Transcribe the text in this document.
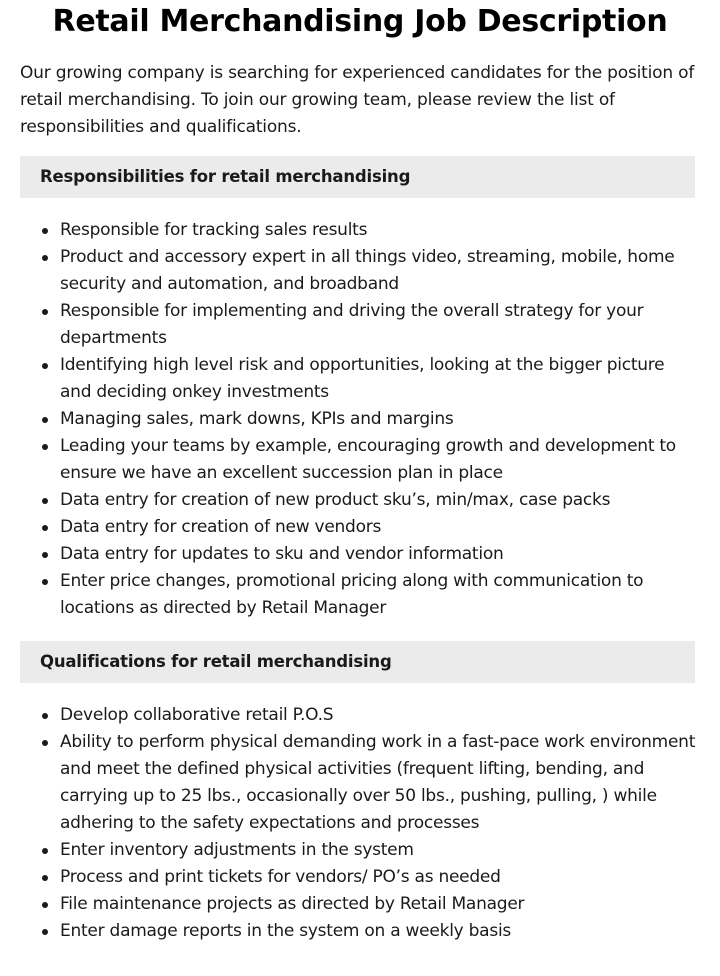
Retail Merchandising Job Description

Our growing company is searching for experienced candidates for the position of retail merchandising. To join our growing team, please review the list of responsibilities and qualifications.

Responsibilities for retail merchandising
Responsible for tracking sales results
Product and accessory expert in all things video, streaming, mobile, home security and automation, and broadband
Responsible for implementing and driving the overall strategy for your departments
Identifying high level risk and opportunities, looking at the bigger picture and deciding onkey investments
Managing sales, mark downs, KPIs and margins
Leading your teams by example, encouraging growth and development to ensure we have an excellent succession plan in place
Data entry for creation of new product sku’s, min/max, case packs
Data entry for creation of new vendors
Data entry for updates to sku and vendor information
Enter price changes, promotional pricing along with communication to locations as directed by Retail Manager
Qualifications for retail merchandising
Develop collaborative retail P.O.S
Ability to perform physical demanding work in a fast-pace work environment and meet the defined physical activities (frequent lifting, bending, and carrying up to 25 lbs., occasionally over 50 lbs., pushing, pulling, ) while adhering to the safety expectations and processes
Enter inventory adjustments in the system
Process and print tickets for vendors/ PO’s as needed
File maintenance projects as directed by Retail Manager
Enter damage reports in the system on a weekly basis
